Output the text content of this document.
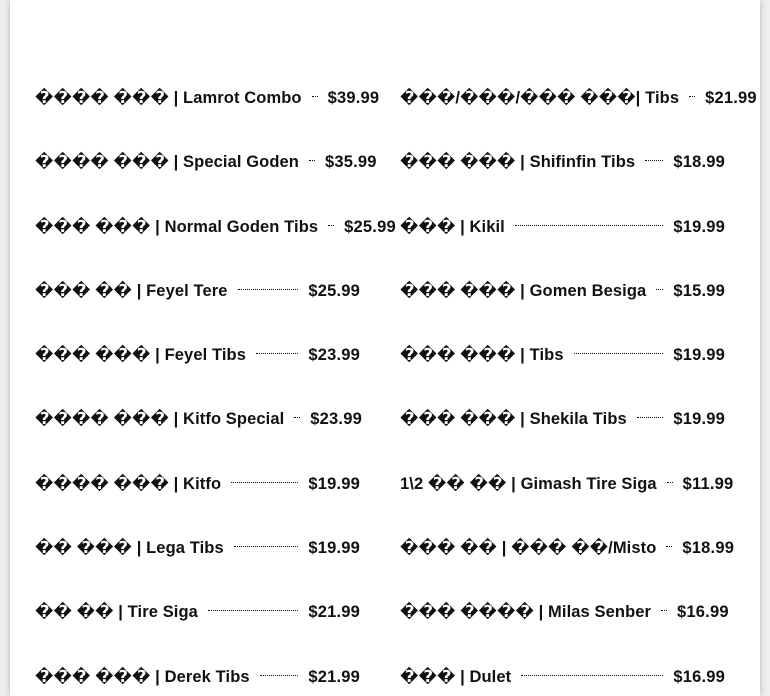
���� ��� | Lamrot Combo $39.99
���� ��� | Special Goden $35.99
��� ��� | Normal Goden Tibs $25.99
��� �� | Feyel Tere	$25.99
��� ��� | Feyel Tibs	$23.99
���� ��� | Kitfo Special $23.99
���� ��� | Kitfo	$19.99
�� ��� | Lega Tibs	$19.99
�� �� | Tire Siga	$21.99
��� ��� | Derek Tibs	$21.99
���/���/��� ���| Tibs $21.99
��� ��� | Shifinfin Tibs $18.99
��� | Kikil	$19.99
��� ��� | Gomen Besiga $15.99
��� ��� | Tibs	$19.99
��� ��� | Shekila Tibs	$19.99
1\2 �� �� | Gimash Tire Siga $11.99
��� �� | ��� ��/Misto $18.99
��� ���� | Milas Senber $16.99
��� | Dulet	$16.99
